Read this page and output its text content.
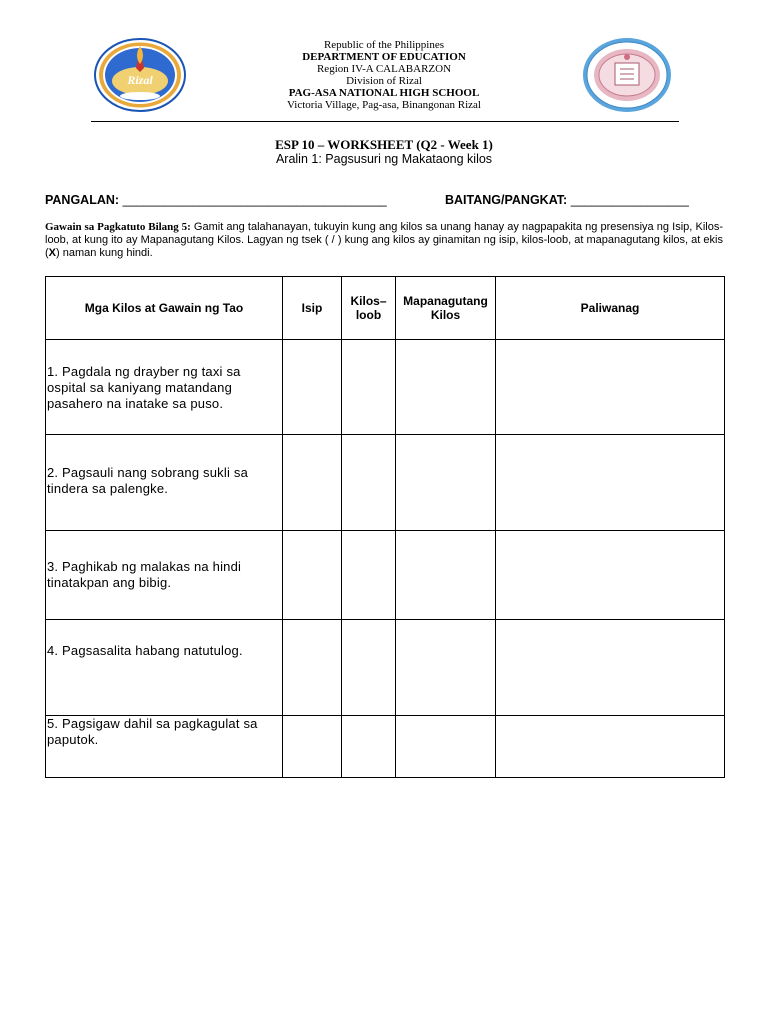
Rizal
Republic of the Philippines
DEPARTMENT OF EDUCATION
Region IV-A CALABARZON
Division of Rizal
PAG-ASA NATIONAL HIGH SCHOOL
Victoria Village, Pag-asa, Binangonan Rizal
ESP 10 – WORKSHEET (Q2 - Week 1)
Aralin 1: Pagsusuri ng Makataong kilos
PANGALAN: ______________________________________	BAITANG/PANGKAT: _________________
Gawain sa Pagkatuto Bilang 5: Gamit ang talahanayan, tukuyin kung ang kilos sa unang hanay ay nagpapakita ng presensiya ng Isip, Kilos-loob, at kung ito ay Mapanagutang Kilos. Lagyan ng tsek ( / ) kung ang kilos ay ginamitan ng isip, kilos-loob, at mapanagutang kilos, at ekis (X) naman kung hindi.
Mga Kilos at Gawain ng Tao	Isip	Kilos–loob	Mapanagutang Kilos	Paliwanag
1. Pagdala ng drayber ng taxi sa ospital sa kaniyang matandang pasahero na inatake sa puso.				
2. Pagsauli nang sobrang sukli sa tindera sa palengke.				
3. Paghikab ng malakas na hindi tinatakpan ang bibig.				
4. Pagsasalita habang natutulog.				
5. Pagsigaw dahil sa pagkagulat sa paputok.				
